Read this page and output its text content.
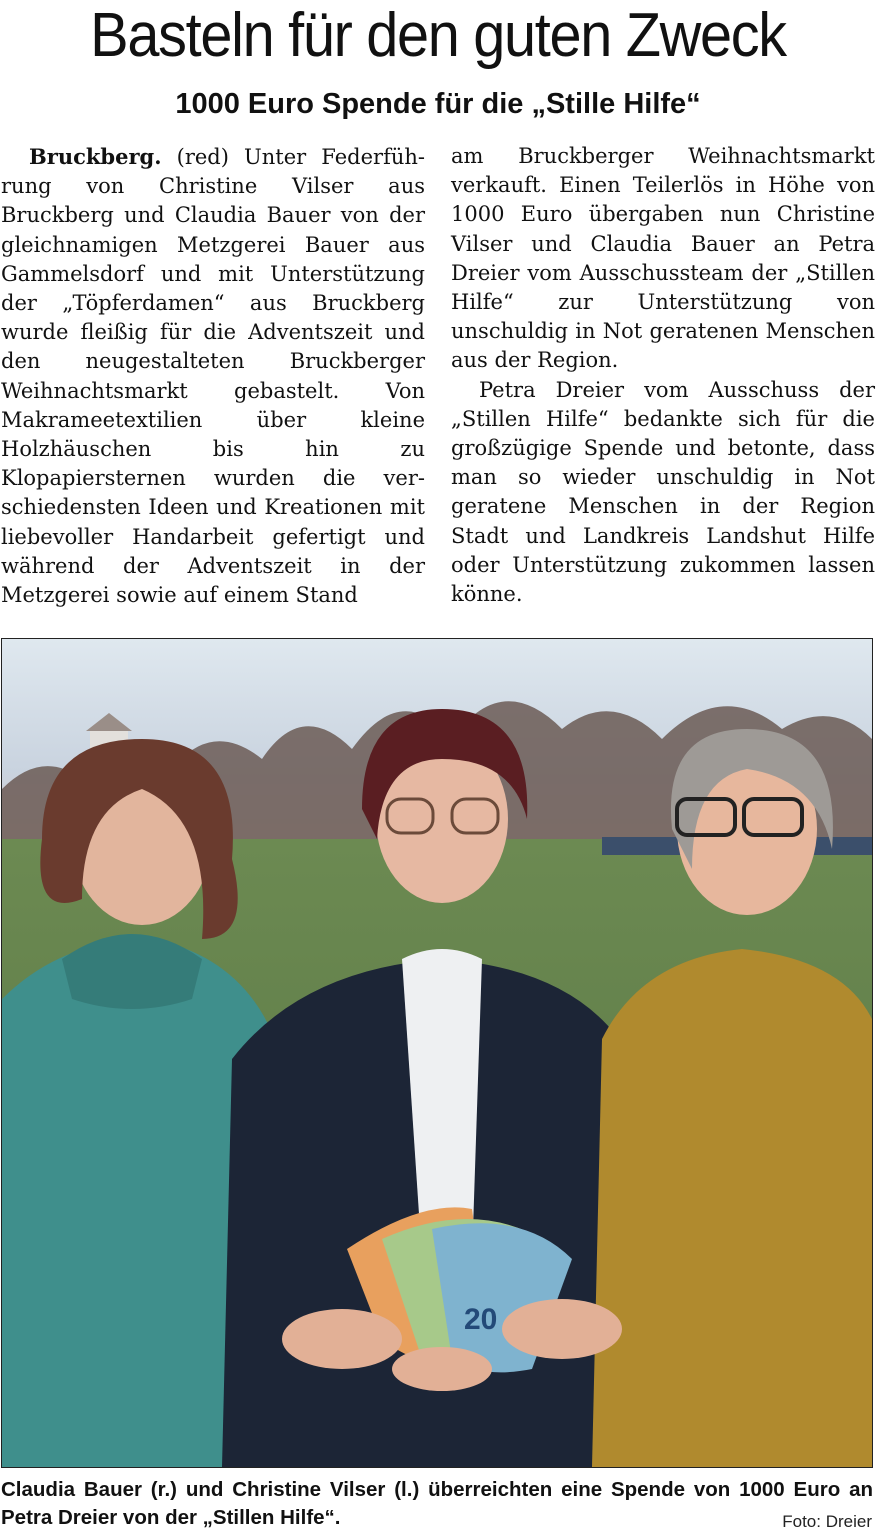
Basteln für den guten Zweck
1000 Euro Spende für die „Stille Hilfe“

Bruckberg. (red) Unter Federführung von Christine Vilser aus Bruckberg und Claudia Bauer von der gleichnamigen Metzgerei Bauer aus Gammelsdorf und mit Unterstützung der „Töpferdamen“ aus Bruckberg wurde fleißig für die Adventszeit und den neugestalteten Bruckberger Weihnachtsmarkt gebastelt. Von Makrameetextilien über kleine Holzhäuschen bis hin zu Klopapiersternen wurden die verschiedensten Ideen und Kreationen mit liebevoller Handarbeit gefertigt und während der Adventszeit in der Metzgerei sowie auf einem Stand

am Bruckberger Weihnachtsmarkt verkauft. Einen Teilerlös in Höhe von 1000 Euro übergaben nun Christine Vilser und Claudia Bauer an Petra Dreier vom Ausschussteam der „Stillen Hilfe“ zur Unterstützung von unschuldig in Not geratenen Menschen aus der Region.

Petra Dreier vom Ausschuss der „Stillen Hilfe“ bedankte sich für die großzügige Spende und betonte, dass man so wieder unschuldig in Not geratene Menschen in der Region Stadt und Landkreis Landshut Hilfe oder Unterstützung zukommen lassen könne.

20

Claudia Bauer (r.) und Christine Vilser (l.) überreichten eine Spende von 1000 Euro an Petra Dreier von der „Stillen Hilfe“.	Foto: Dreier
